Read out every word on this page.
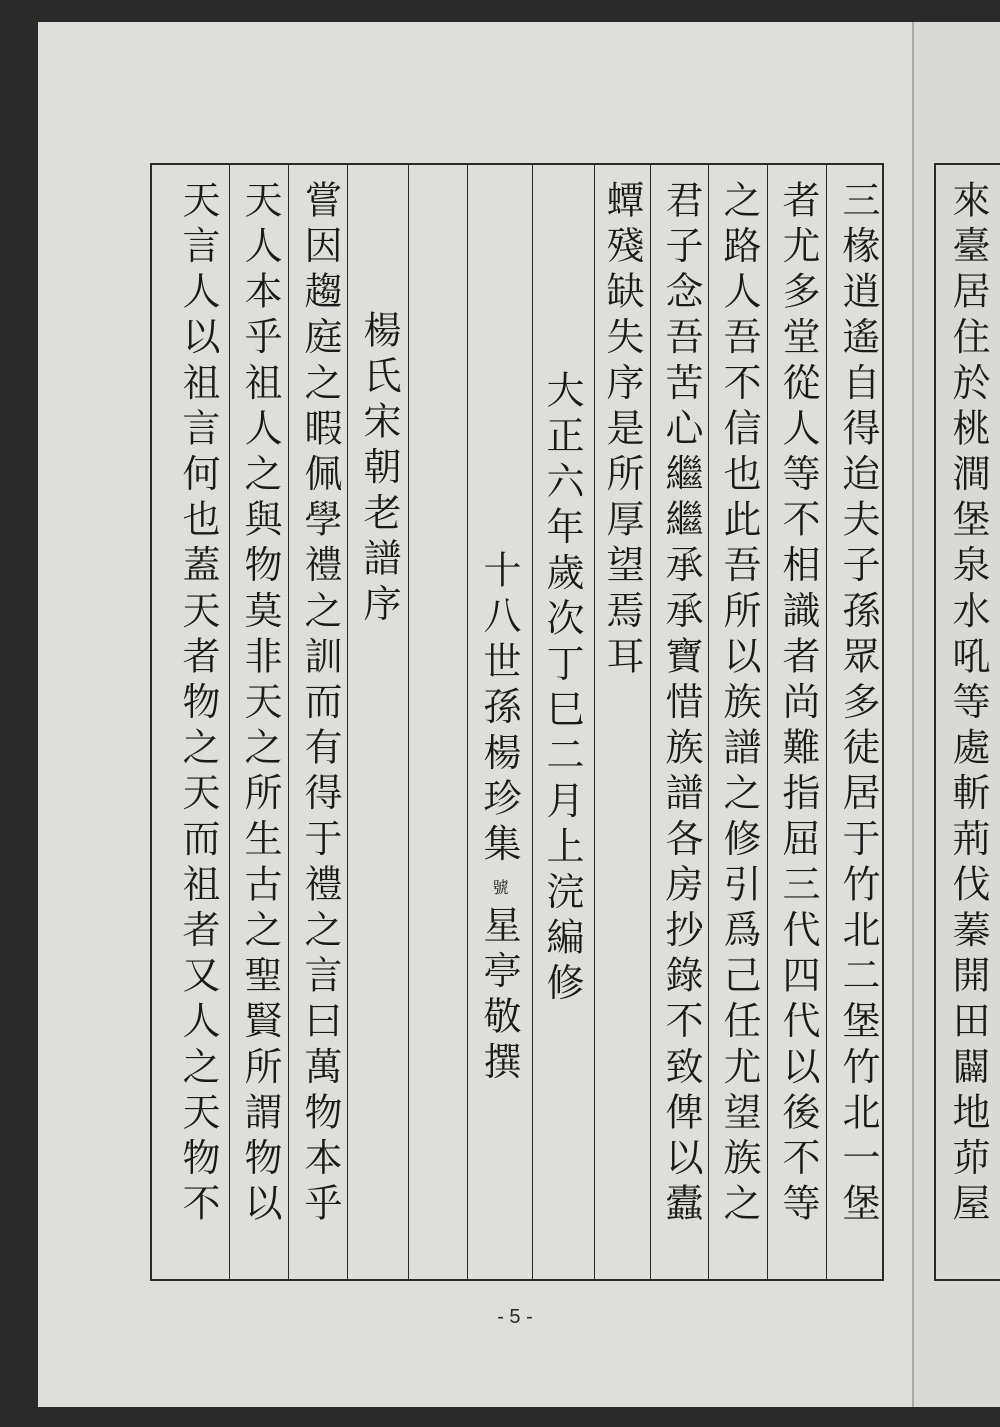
三椽逍遙自得迨夫子孫眾多徒居于竹北二堡竹北一堡
者尤多堂從人等不相識者尚難指屈三代四代以後不等
之路人吾不信也此吾所以族譜之修引爲己任尤望族之
君子念吾苦心繼繼承承寶惜族譜各房抄錄不致俾以蠹
蟫殘缺失序是所厚望焉耳
大正六年歲次丁巳二月上浣編修
十八世孫楊珍集
號
星亭敬撰
楊氏宋朝老譜序
嘗因趨庭之暇佩學禮之訓而有得于禮之言曰萬物本乎
天人本乎祖人之與物莫非天之所生古之聖賢所謂物以
天言人以祖言何也蓋天者物之天而祖者又人之天物不	來臺居住於桃澗堡泉水吼等處斬荊伐蓁開田闢地茆屋
- 5 -
